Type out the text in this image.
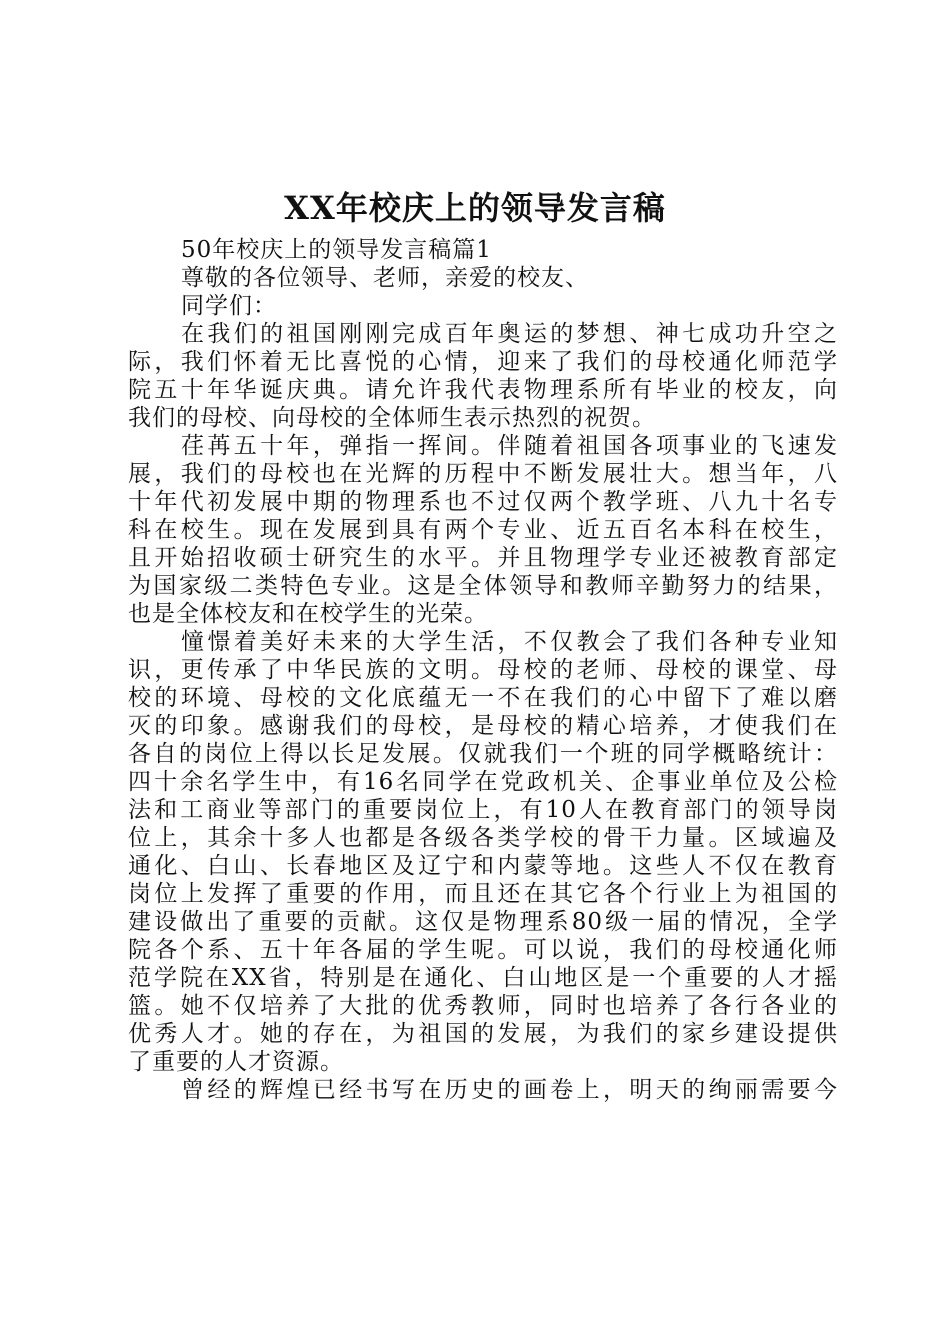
XX年校庆上的领导发言稿

50年校庆上的领导发言稿篇1

尊敬的各位领导、老师，亲爱的校友、

同学们：

在我们的祖国刚刚完成百年奥运的梦想、神七成功升空之

际，我们怀着无比喜悦的心情，迎来了我们的母校通化师范学

院五十年华诞庆典。请允许我代表物理系所有毕业的校友，向

我们的母校、向母校的全体师生表示热烈的祝贺。

荏苒五十年，弹指一挥间。伴随着祖国各项事业的飞速发

展，我们的母校也在光辉的历程中不断发展壮大。想当年，八

十年代初发展中期的物理系也不过仅两个教学班、八九十名专

科在校生。现在发展到具有两个专业、近五百名本科在校生，

且开始招收硕士研究生的水平。并且物理学专业还被教育部定

为国家级二类特色专业。这是全体领导和教师辛勤努力的结果，

也是全体校友和在校学生的光荣。

憧憬着美好未来的大学生活，不仅教会了我们各种专业知

识，更传承了中华民族的文明。母校的老师、母校的课堂、母

校的环境、母校的文化底蕴无一不在我们的心中留下了难以磨

灭的印象。感谢我们的母校，是母校的精心培养，才使我们在

各自的岗位上得以长足发展。仅就我们一个班的同学概略统计：

四十余名学生中，有16名同学在党政机关、企事业单位及公检

法和工商业等部门的重要岗位上，有10人在教育部门的领导岗

位上，其余十多人也都是各级各类学校的骨干力量。区域遍及

通化、白山、长春地区及辽宁和内蒙等地。这些人不仅在教育

岗位上发挥了重要的作用，而且还在其它各个行业上为祖国的

建设做出了重要的贡献。这仅是物理系80级一届的情况，全学

院各个系、五十年各届的学生呢。可以说，我们的母校通化师

范学院在XX省，特别是在通化、白山地区是一个重要的人才摇

篮。她不仅培养了大批的优秀教师，同时也培养了各行各业的

优秀人才。她的存在，为祖国的发展，为我们的家乡建设提供

了重要的人才资源。

曾经的辉煌已经书写在历史的画卷上，明天的绚丽需要今
